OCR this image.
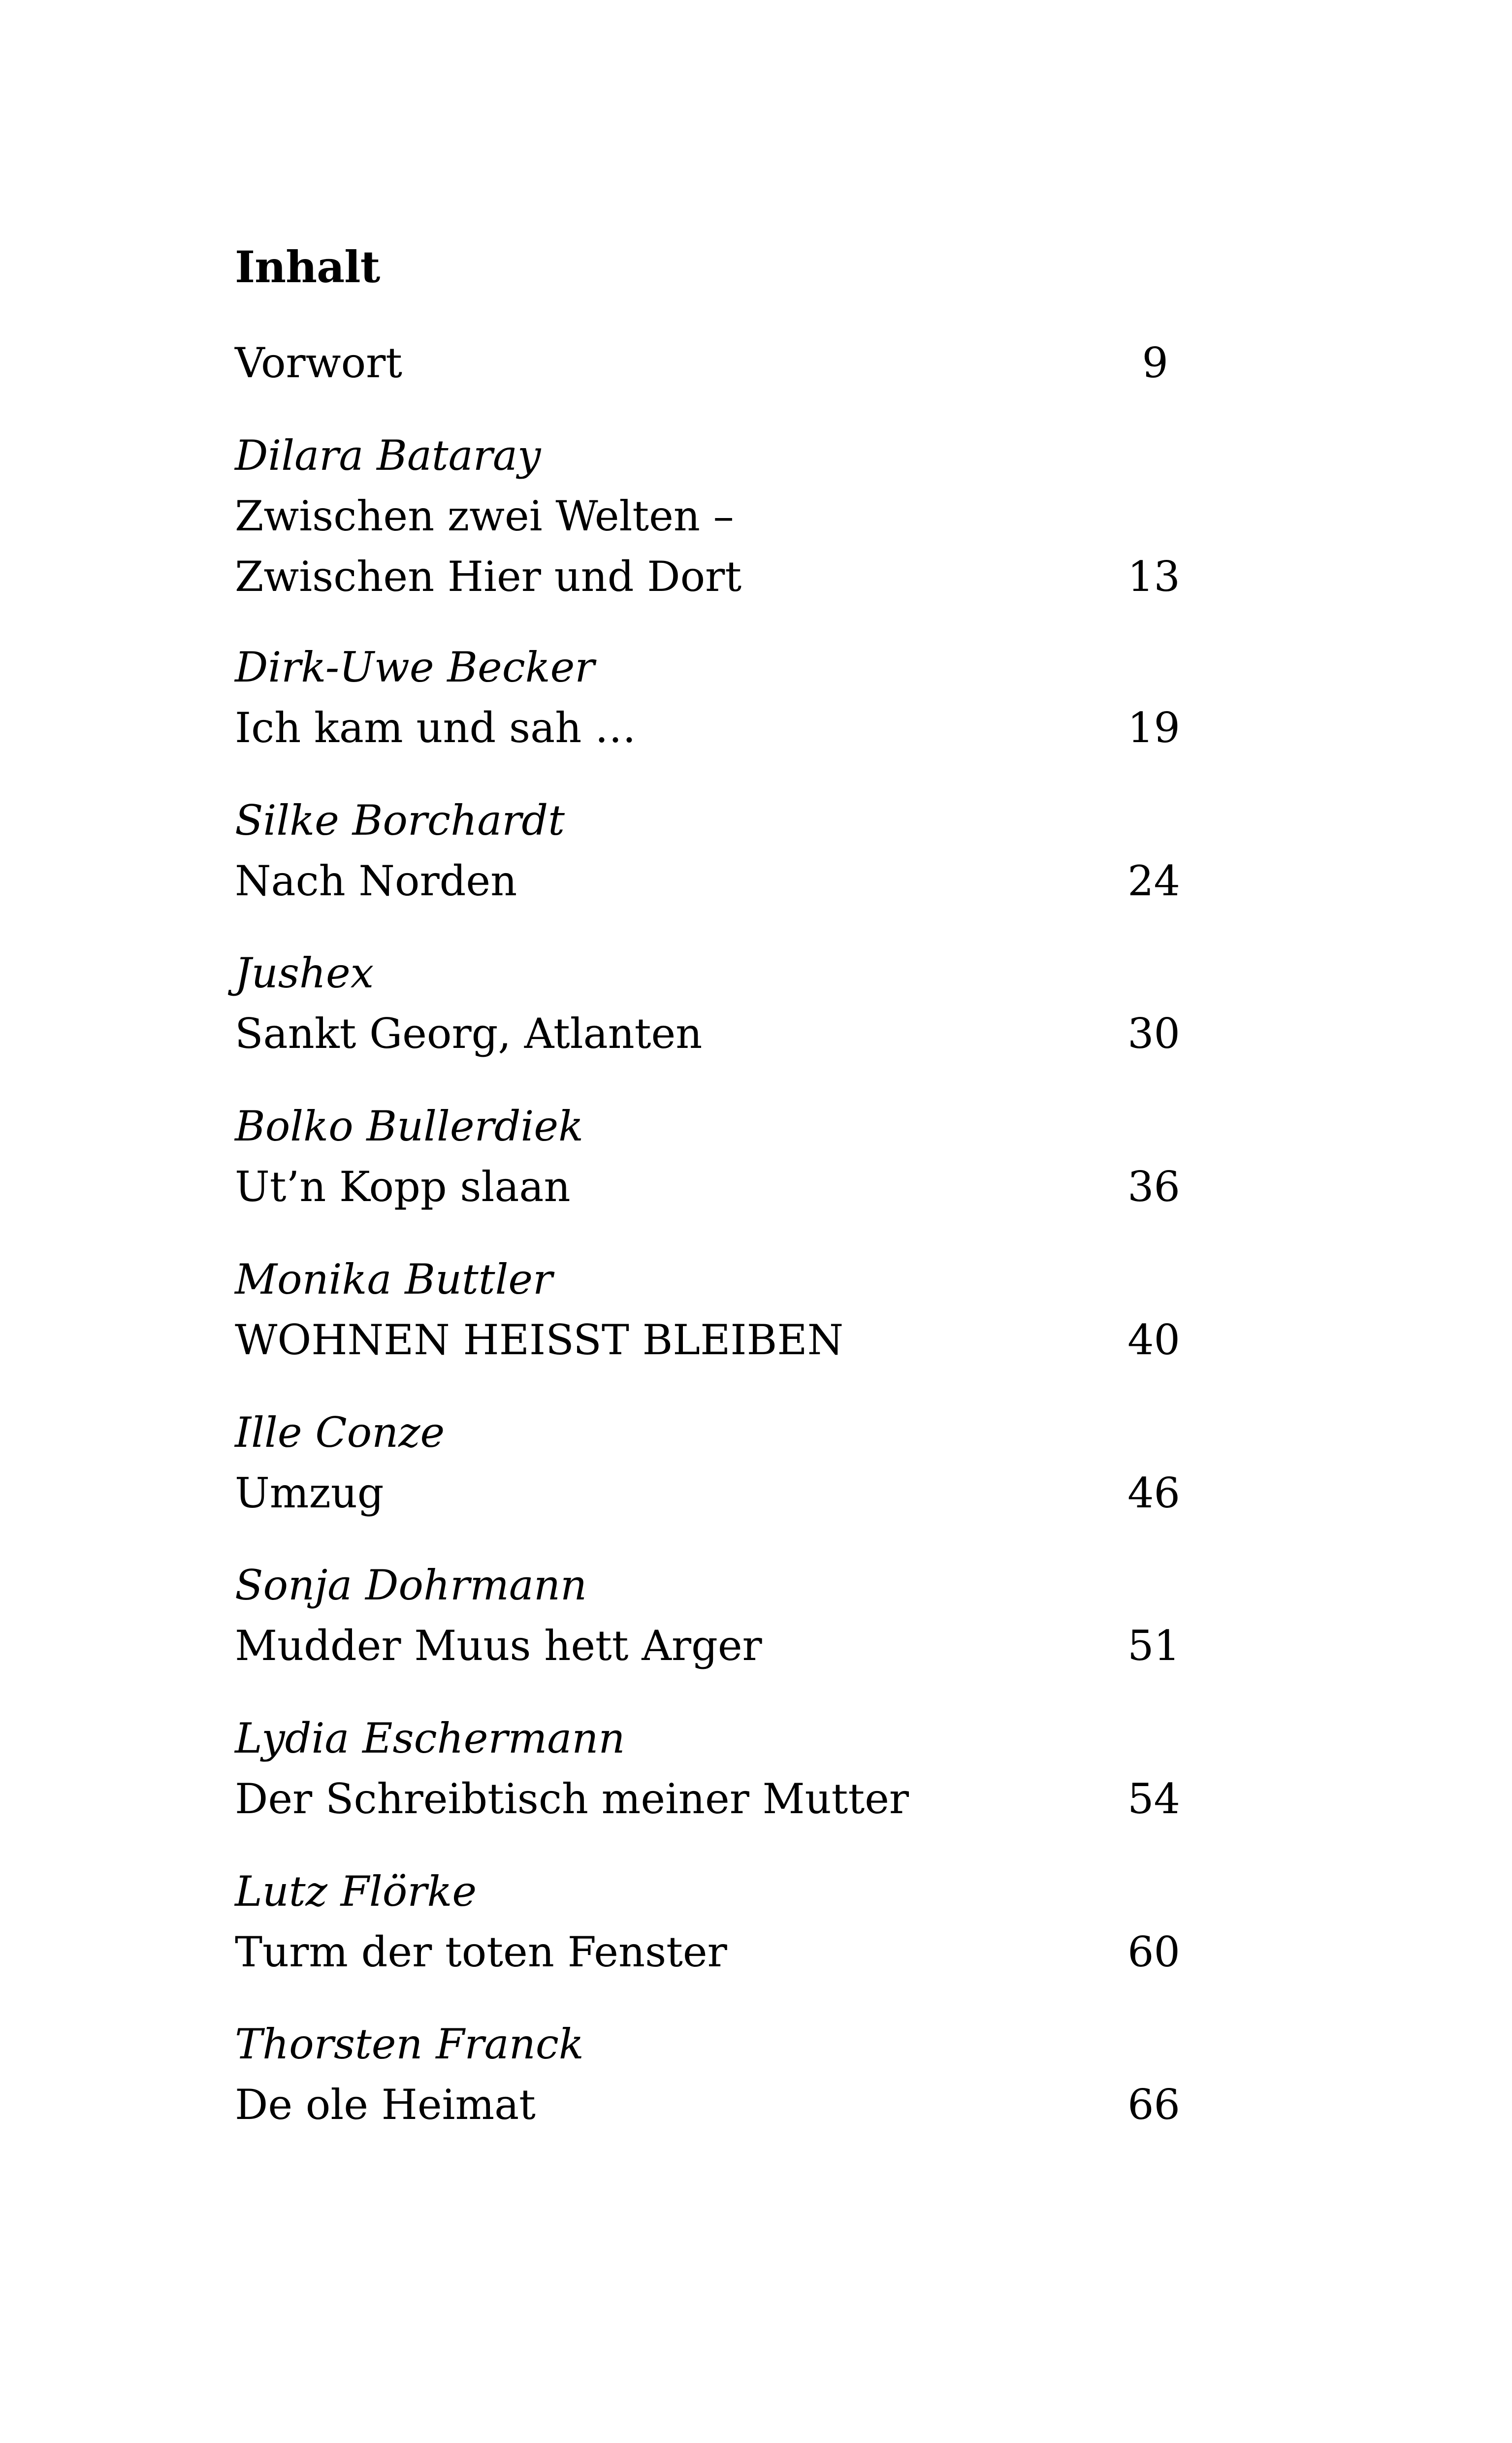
Inhalt
Vorwort	9
Dilara Bataray
Zwischen zwei Welten –
Zwischen Hier und Dort	13
Dirk-Uwe Becker
Ich kam und sah …	19
Silke Borchardt
Nach Norden	24
Jushex
Sankt Georg, Atlanten	30
Bolko Bullerdiek
Ut’n Kopp slaan	36
Monika Buttler
WOHNEN HEISST BLEIBEN	40
Ille Conze
Umzug	46
Sonja Dohrmann
Mudder Muus hett Arger	51
Lydia Eschermann
Der Schreibtisch meiner Mutter	54
Lutz Flörke
Turm der toten Fenster	60
Thorsten Franck
De ole Heimat	66
